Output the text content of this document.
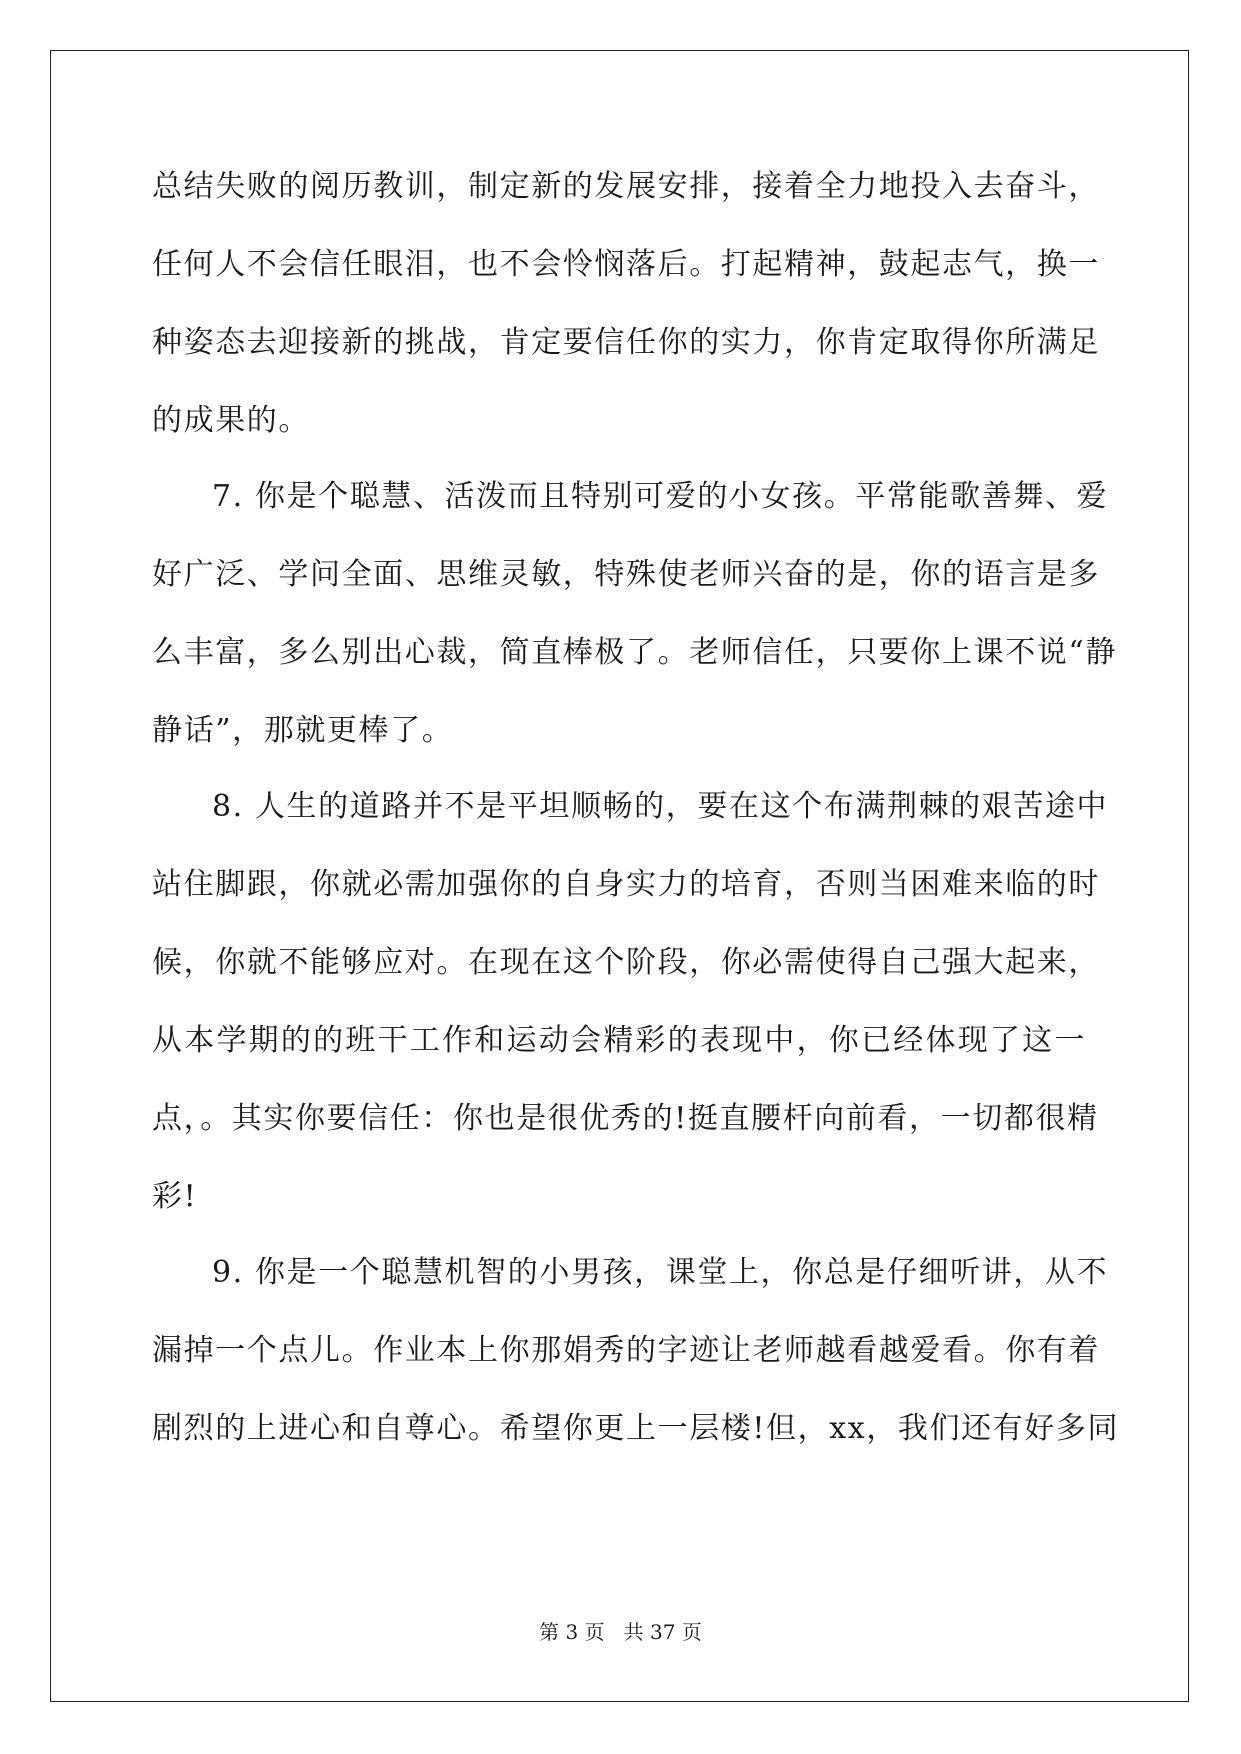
总结失败的阅历教训，制定新的发展安排，接着全力地投入去奋斗，
任何人不会信任眼泪，也不会怜悯落后。打起精神，鼓起志气，换一
种姿态去迎接新的挑战，肯定要信任你的实力，你肯定取得你所满足
的成果的。
7. 你是个聪慧、活泼而且特别可爱的小女孩。平常能歌善舞、爱
好广泛、学问全面、思维灵敏，特殊使老师兴奋的是，你的语言是多
么丰富，多么别出心裁，简直棒极了。老师信任，只要你上课不说“静
静话”，那就更棒了。
8. 人生的道路并不是平坦顺畅的，要在这个布满荆棘的艰苦途中
站住脚跟，你就必需加强你的自身实力的培育，否则当困难来临的时
候，你就不能够应对。在现在这个阶段，你必需使得自己强大起来，
从本学期的的班干工作和运动会精彩的表现中，你已经体现了这一
点，。其实你要信任：你也是很优秀的!挺直腰杆向前看，一切都很精
彩!
9. 你是一个聪慧机智的小男孩，课堂上，你总是仔细听讲，从不
漏掉一个点儿。作业本上你那娟秀的字迹让老师越看越爱看。你有着
剧烈的上进心和自尊心。希望你更上一层楼!但，xx，我们还有好多同
第 3 页 共 37 页
